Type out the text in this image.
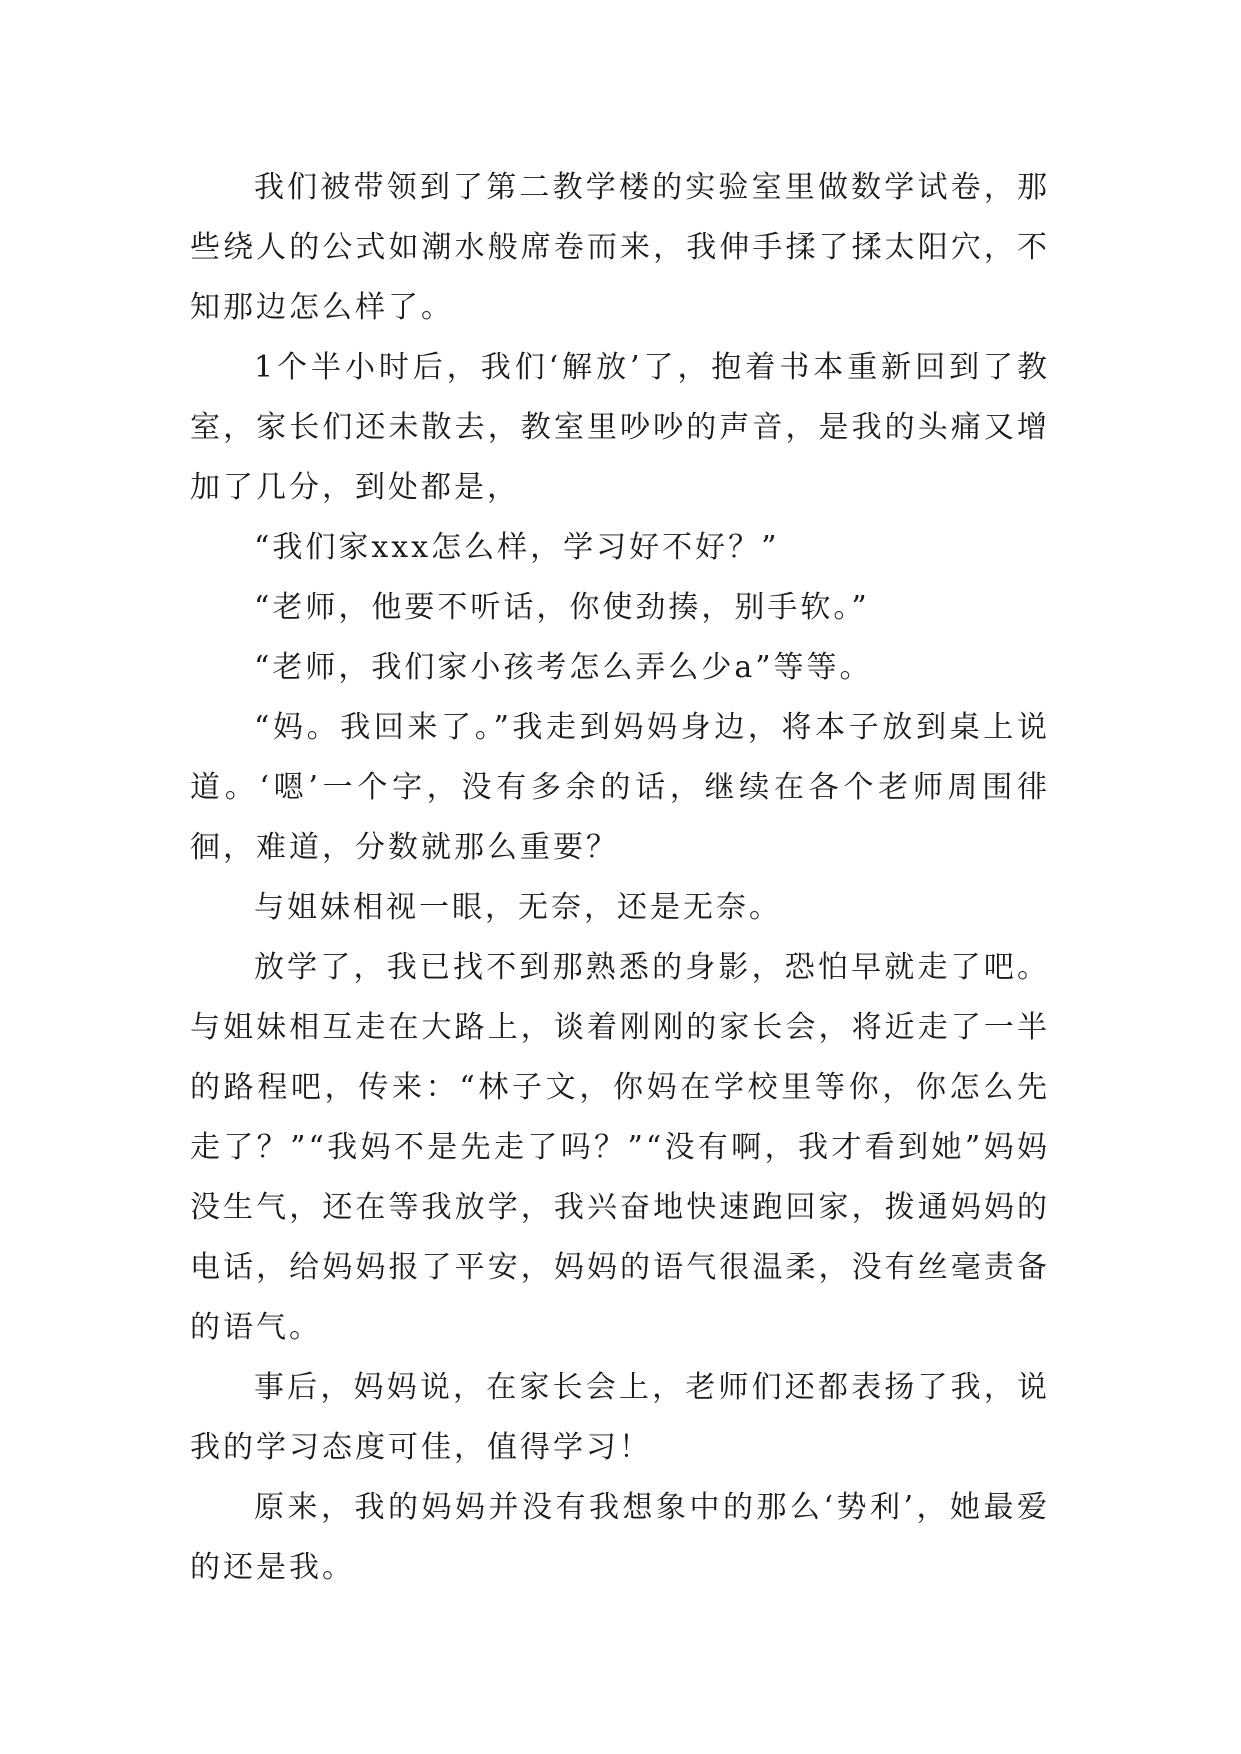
我们被带领到了第二教学楼的实验室里做数学试卷，那些绕人的公式如潮水般席卷而来，我伸手揉了揉太阳穴，不知那边怎么样了。

1个半小时后，我们‘解放’了，抱着书本重新回到了教室，家长们还未散去，教室里吵吵的声音，是我的头痛又增加了几分，到处都是，

“我们家xxx怎么样，学习好不好？”

“老师，他要不听话，你使劲揍，别手软。”

“老师，我们家小孩考怎么弄么少a”等等。

“妈。我回来了。”我走到妈妈身边，将本子放到桌上说道。‘嗯’一个字，没有多余的话，继续在各个老师周围徘徊，难道，分数就那么重要？

与姐妹相视一眼，无奈，还是无奈。

放学了，我已找不到那熟悉的身影，恐怕早就走了吧。与姐妹相互走在大路上，谈着刚刚的家长会，将近走了一半的路程吧，传来：“林子文，你妈在学校里等你，你怎么先走了？”“我妈不是先走了吗？”“没有啊，我才看到她”妈妈没生气，还在等我放学，我兴奋地快速跑回家，拨通妈妈的电话，给妈妈报了平安，妈妈的语气很温柔，没有丝毫责备的语气。

事后，妈妈说，在家长会上，老师们还都表扬了我，说我的学习态度可佳，值得学习！

原来，我的妈妈并没有我想象中的那么‘势利’，她最爱的还是我。
